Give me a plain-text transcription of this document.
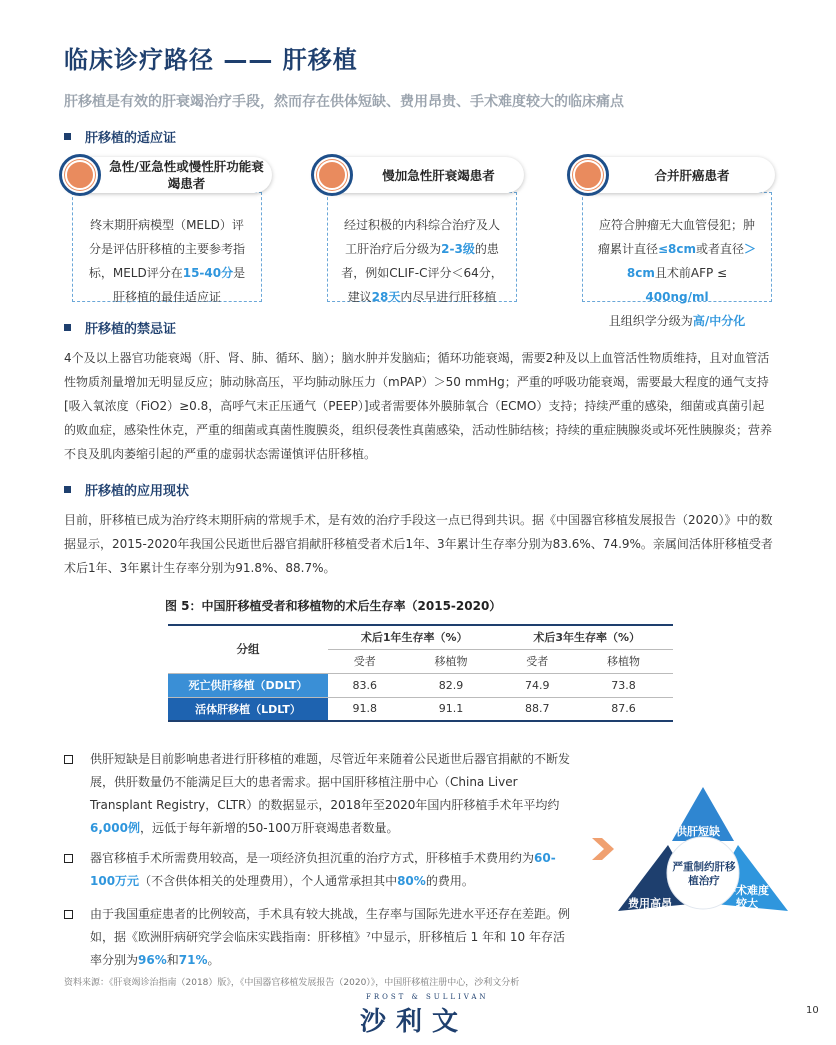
临床诊疗路径 —— 肝移植
肝移植是有效的肝衰竭治疗手段，然而存在供体短缺、费用昂贵、手术难度较大的临床痛点
肝移植的适应证
终末期肝病模型（MELD）评分是评估肝移植的主要参考指标，MELD评分在15-40分是肝移植的最佳适应证
急性/亚急性或慢性肝功能衰竭患者
经过积极的内科综合治疗及人工肝治疗后分级为2-3级的患者，例如CLIF-C评分＜64分，建议28天内尽早进行肝移植
慢加急性肝衰竭患者
应符合肿瘤无大血管侵犯；肿瘤累计直径≤8cm或者直径＞8cm且术前AFP ≤ 400ng/ml
且组织学分级为高/中分化
合并肝癌患者
肝移植的禁忌证
4个及以上器官功能衰竭（肝、肾、肺、循环、脑）；脑水肿并发脑疝；循环功能衰竭，需要2种及以上血管活性物质维持，且对血管活性物质剂量增加无明显反应；肺动脉高压，平均肺动脉压力（mPAP）＞50 mmHg；严重的呼吸功能衰竭，需要最大程度的通气支持[吸入氧浓度（FiO2）≥0.8，高呼气末正压通气（PEEP）]或者需要体外膜肺氧合（ECMO）支持；持续严重的感染，细菌或真菌引起的败血症，感染性休克，严重的细菌或真菌性腹膜炎，组织侵袭性真菌感染，活动性肺结核；持续的重症胰腺炎或坏死性胰腺炎；营养不良及肌肉萎缩引起的严重的虚弱状态需谨慎评估肝移植。
肝移植的应用现状
目前，肝移植已成为治疗终末期肝病的常规手术，是有效的治疗手段这一点已得到共识。据《中国器官移植发展报告（2020）》中的数据显示，2015-2020年我国公民逝世后器官捐献肝移植受者术后1年、3年累计生存率分别为83.6%、74.9%。亲属间活体肝移植受者术后1年、3年累计生存率分别为91.8%、88.7%。
图 5：中国肝移植受者和移植物的术后生存率（2015-2020）
分组	术后1年生存率（%）		术后3年生存率（%）	
	受者	移植物	受者	移植物
死亡供肝移植（DDLT）	83.6	82.9	74.9	73.8
活体肝移植（LDLT）	91.8	91.1	88.7	87.6
供肝短缺是目前影响患者进行肝移植的难题，尽管近年来随着公民逝世后器官捐献的不断发展，供肝数量仍不能满足巨大的患者需求。据中国肝移植注册中心（China Liver Transplant Registry，CLTR）的数据显示，2018年至2020年国内肝移植手术年平均约6,000例，远低于每年新增的50-100万肝衰竭患者数量。
器官移植手术所需费用较高，是一项经济负担沉重的治疗方式，肝移植手术费用约为60-100万元（不含供体相关的处理费用），个人通常承担其中80%的费用。
由于我国重症患者的比例较高，手术具有较大挑战，生存率与国际先进水平还存在差距。例如，据《欧洲肝病研究学会临床实践指南：肝移植》⁷中显示，肝移植后 1 年和 10 年存活率分别为96%和71%。
供肝短缺
费用高昂
手术难度较大
严重制约肝移植治疗
资料来源：《肝衰竭诊治指南（2018）版》，《中国器官移植发展报告（2020）》，中国肝移植注册中心，沙利文分析
FROST & SULLIVAN
沙利文	10
